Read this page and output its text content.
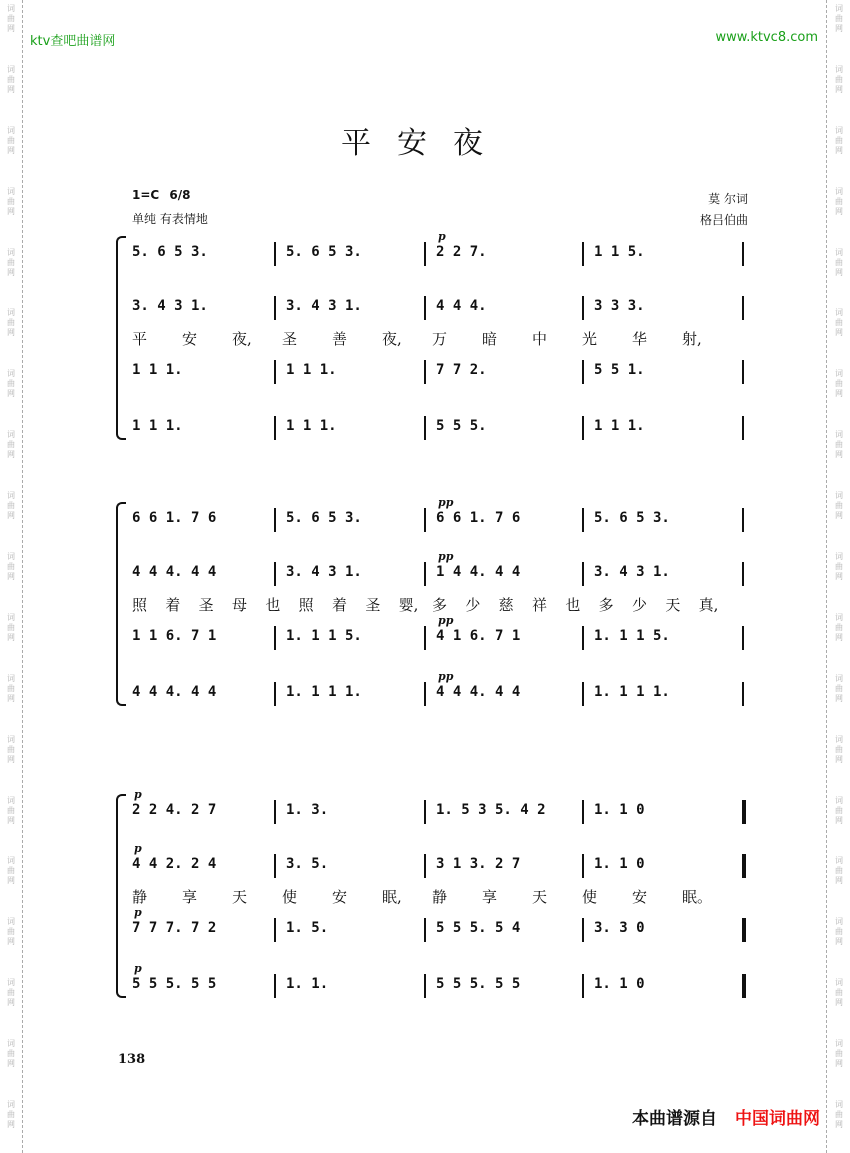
词
曲
网
词
曲
网
词
曲
网
词
曲
网
词
曲
网
词
曲
网
词
曲
网
词
曲
网
词
曲
网
词
曲
网
词
曲
网
词
曲
网
词
曲
网
词
曲
网
词
曲
网
词
曲
网
词
曲
网
词
曲
网
词
曲
网
词
曲
网
词
曲
网
词
曲
网
词
曲
网
词
曲
网
词
曲
网
词
曲
网
词
曲
网
词
曲
网
词
曲
网
词
曲
网
词
曲
网
词
曲
网
词
曲
网
词
曲
网
词
曲
网
词
曲
网
词
曲
网
词
曲
网
ktv查吧曲谱网	www.ktvc8.com
平安夜
1=C 6/8
单纯 有表情地
莫 尔词
格吕伯曲
5. 6 5 3.	5. 6 5 3.	2 2 7.	1 1 5.
3. 4 3 1.	3. 4 3 1.	4 4 4.	3 3 3.
1 1 1.	1 1 1.	7 7 2.	5 5 1.
1 1 1.	1 1 1.	5 5 5.	1 1 1.
平 安 夜, 圣 善 夜, 万 暗 中 光 华 射,
p
6 6 1. 7 6	5. 6 5 3.	6 6 1. 7 6	5. 6 5 3.
4 4 4. 4 4	3. 4 3 1.	1 4 4. 4 4	3. 4 3 1.
1 1 6. 7 1	1. 1 1 5.	4 1 6. 7 1	1. 1 1 5.
4 4 4. 4 4	1. 1 1 1.	4 4 4. 4 4	1. 1 1 1.
照 着 圣 母 也 照 着 圣 婴, 多 少 慈 祥 也 多 少 天 真,
pp
pp
pp
pp
2 2 4. 2 7	1. 3.	1. 5 3 5. 4 2	1. 1 0
4 4 2. 2 4	3. 5.	3 1 3. 2 7	1. 1 0
7 7 7. 7 2	1. 5.	5 5 5. 5 4	3. 3 0
5 5 5. 5 5	1. 1.	5 5 5. 5 5	1. 1 0
静 享 天 使 安 眠, 静 享 天 使 安 眠。
p
p
p
p
138
本曲谱源自 中国词曲网
